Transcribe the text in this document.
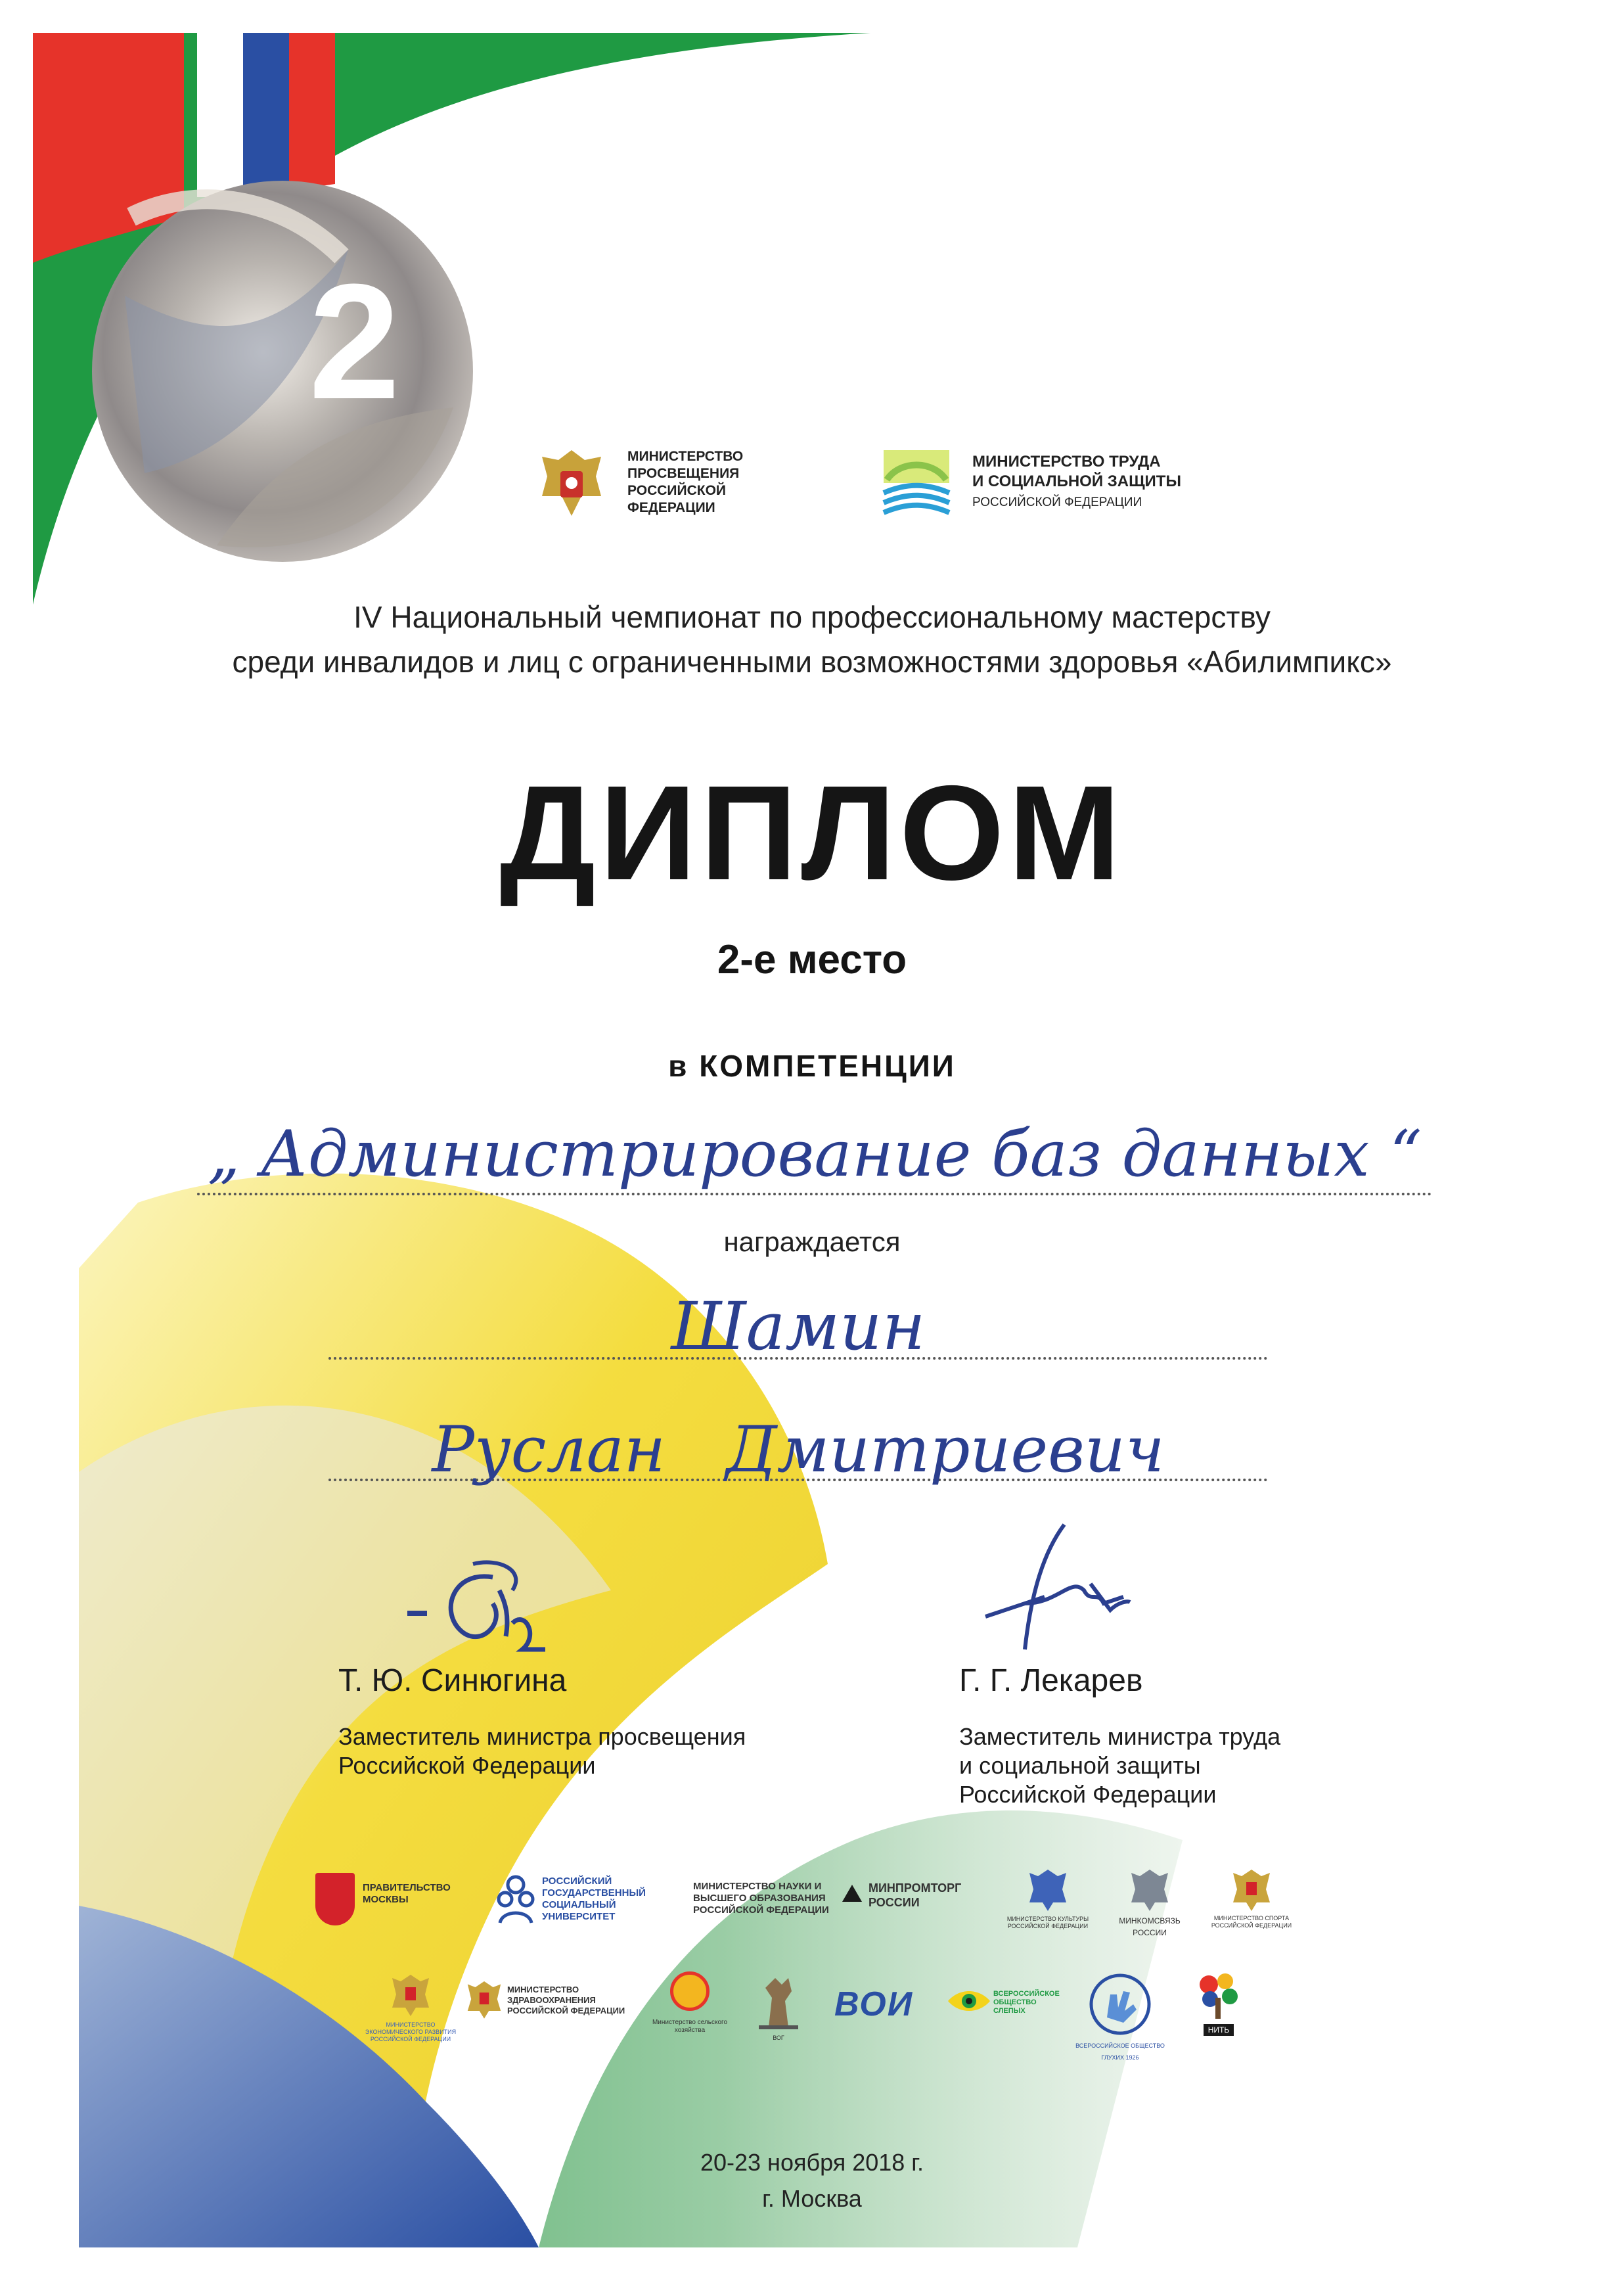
МИНИСТЕРСТВО ПРОСВЕЩЕНИЯ РОССИЙСКОЙ ФЕДЕРАЦИИ
МИНИСТЕРСТВО ТРУДА
И СОЦИАЛЬНОЙ ЗАЩИТЫ
РОССИЙСКОЙ ФЕДЕРАЦИИ
2
IV Национальный чемпионат по профессиональному мастерству
среди инвалидов и лиц с ограниченными возможностями здоровья «Абилимпикс»
ДИПЛОМ
2-е место
в КОМПЕТЕНЦИИ
„ Администрирование баз данных “
награждается
Шамин
Руслан   Дмитриевич
Т. Ю. Синюгина
Заместитель министра просвещения
Российской Федерации
Г. Г. Лекарев
Заместитель министра труда
и социальной защиты
Российской Федерации
ПРАВИТЕЛЬСТВО МОСКВЫ
РОССИЙСКИЙ ГОСУДАРСТВЕННЫЙ СОЦИАЛЬНЫЙ УНИВЕРСИТЕТ
МИНИСТЕРСТВО НАУКИ И ВЫСШЕГО ОБРАЗОВАНИЯ РОССИЙСКОЙ ФЕДЕРАЦИИ
МИНПРОМТОРГ РОССИИ
МИНИСТЕРСТВО КУЛЬТУРЫ РОССИЙСКОЙ ФЕДЕРАЦИИ
МИНКОМСВЯЗЬ РОССИИ
МИНИСТЕРСТВО СПОРТА РОССИЙСКОЙ ФЕДЕРАЦИИ
МИНИСТЕРСТВО ЭКОНОМИЧЕСКОГО РАЗВИТИЯ РОССИЙСКОЙ ФЕДЕРАЦИИ
МИНИСТЕРСТВО ЗДРАВООХРАНЕНИЯ РОССИЙСКОЙ ФЕДЕРАЦИИ
Министерство сельского хозяйства
ВОГ
ВОИ	ВСЕРОССИЙСКОЕ ОБЩЕСТВО СЛЕПЫХ
ВСЕРОССИЙСКОЕ ОБЩЕСТВО ГЛУХИХ 1926
НИТЬ
20-23 ноября 2018 г.
г. Москва
